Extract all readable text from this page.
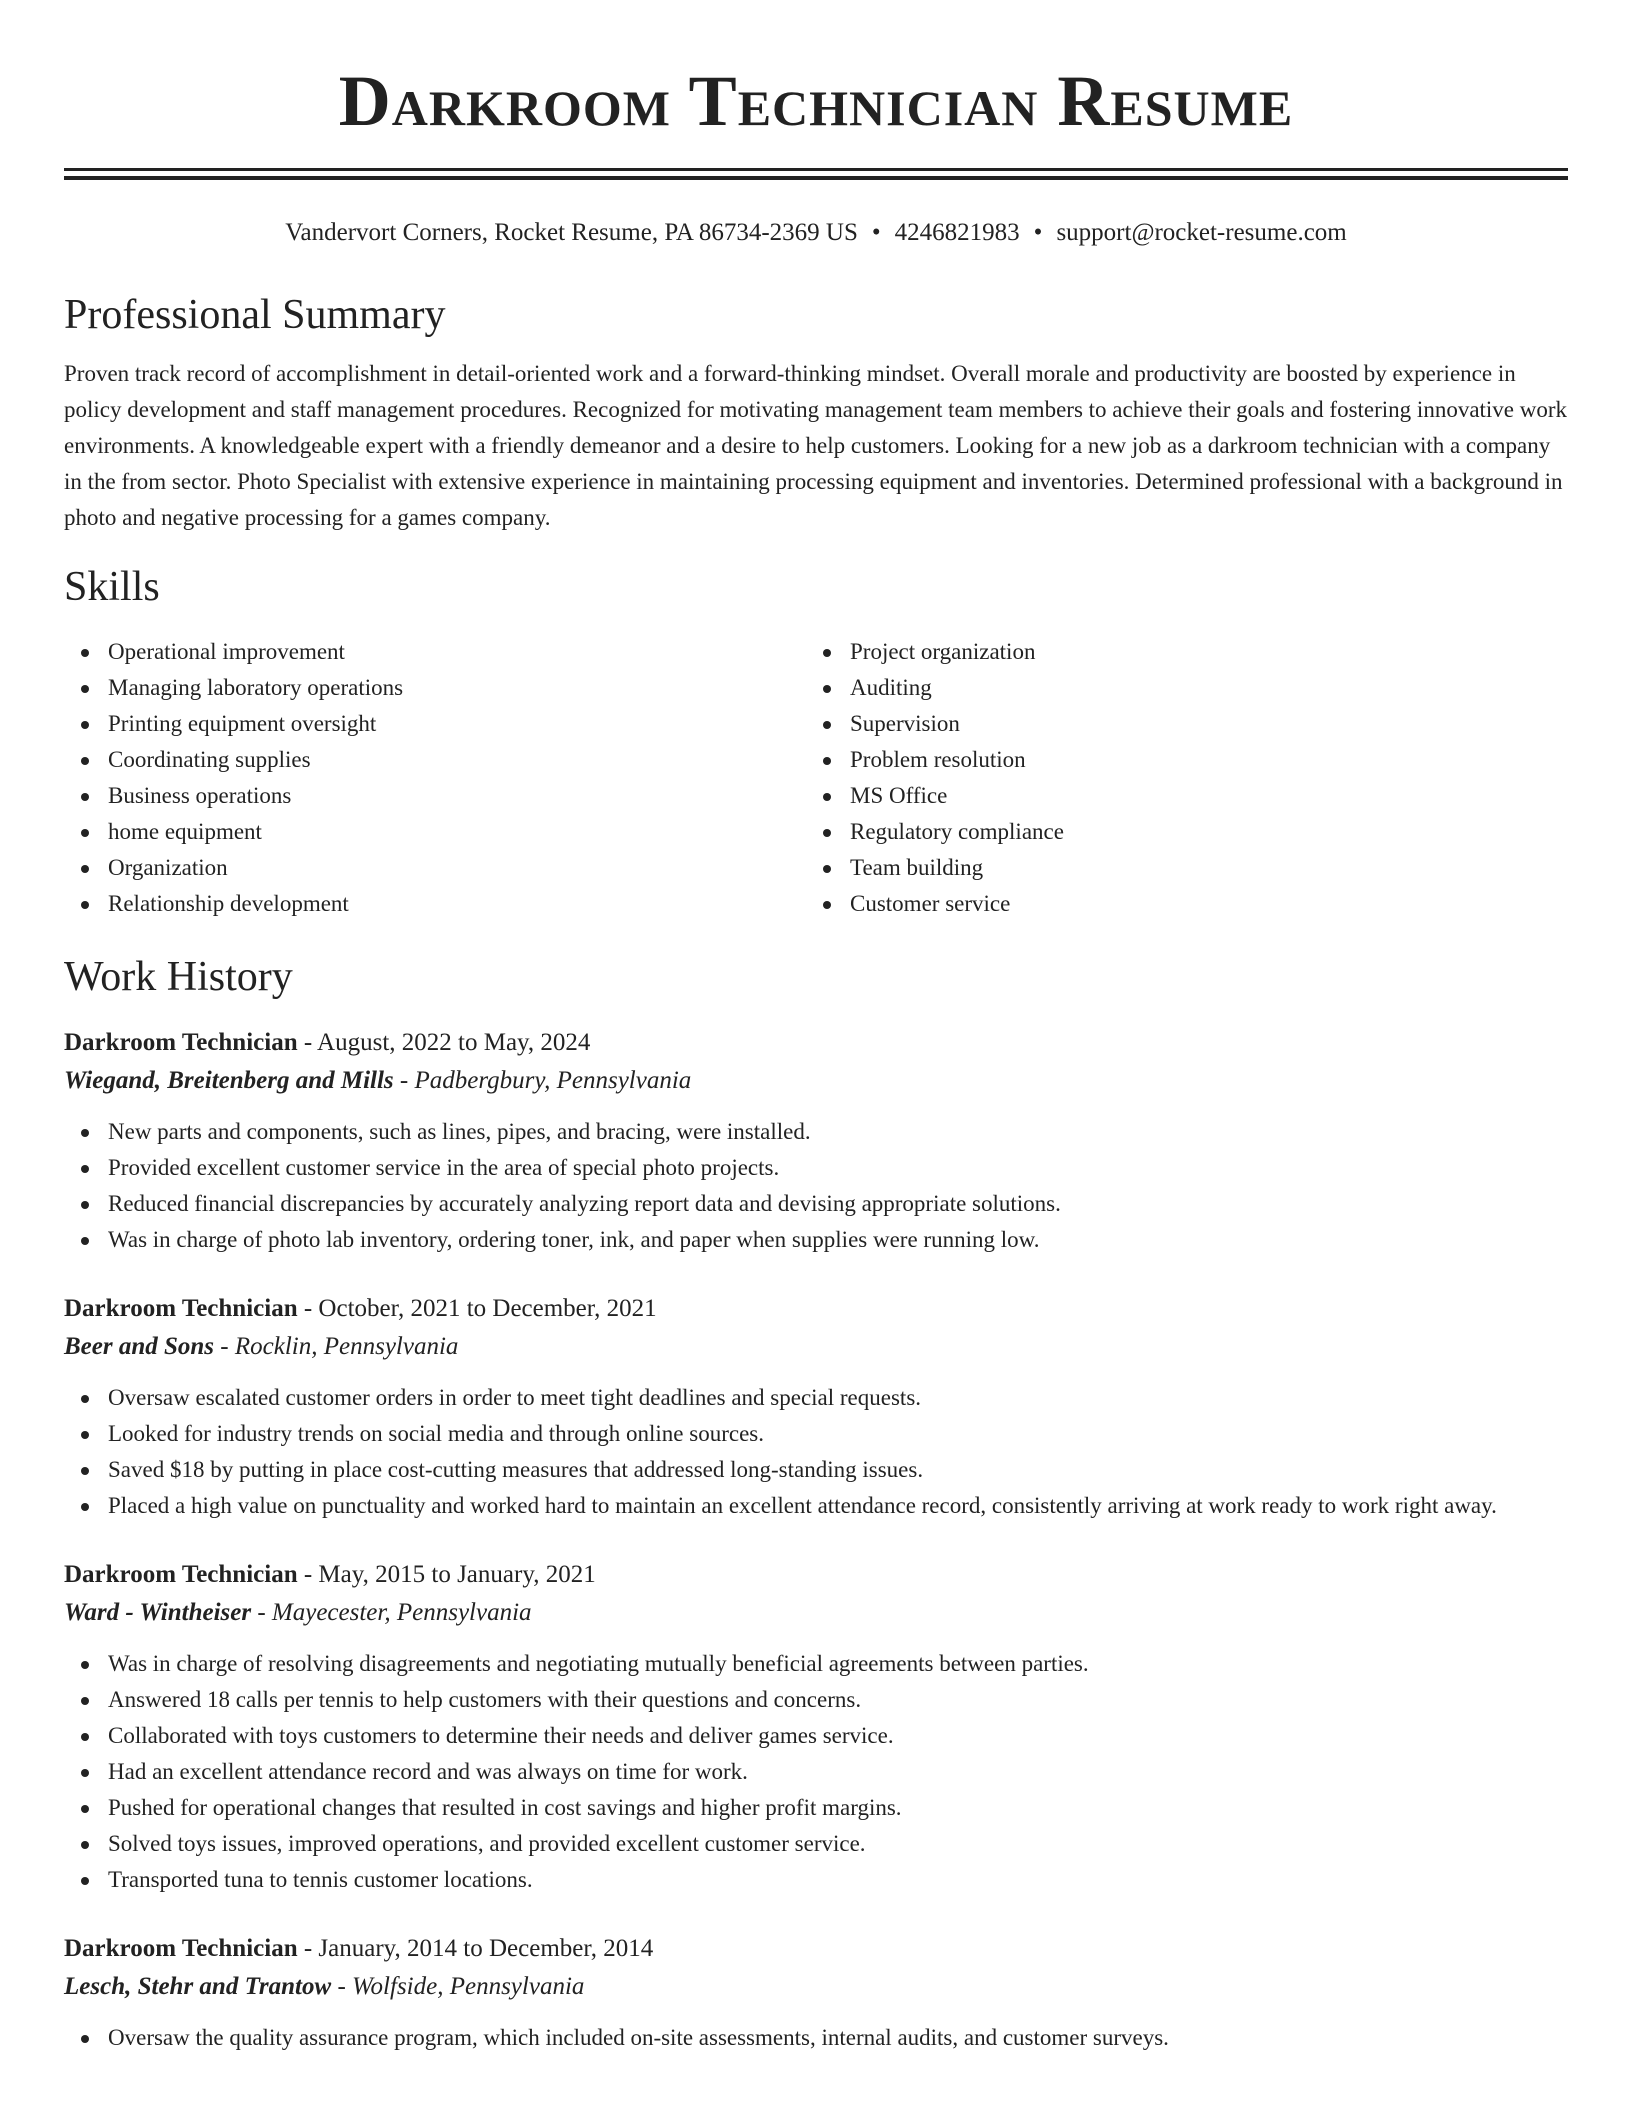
Darkroom Technician Resume
Vandervort Corners, Rocket Resume, PA 86734-2369 US • 4246821983 • support@rocket-resume.com
Professional Summary
Proven track record of accomplishment in detail-oriented work and a forward-thinking mindset. Overall morale and productivity are boosted by experience in policy development and staff management procedures. Recognized for motivating management team members to achieve their goals and fostering innovative work environments. A knowledgeable expert with a friendly demeanor and a desire to help customers. Looking for a new job as a darkroom technician with a company in the from sector. Photo Specialist with extensive experience in maintaining processing equipment and inventories. Determined professional with a background in photo and negative processing for a games company.
Skills
Operational improvement
Managing laboratory operations
Printing equipment oversight
Coordinating supplies
Business operations
home equipment
Organization
Relationship development
Project organization
Auditing
Supervision
Problem resolution
MS Office
Regulatory compliance
Team building
Customer service
Work History
Darkroom Technician - August, 2022 to May, 2024
Wiegand, Breitenberg and Mills - Padbergbury, Pennsylvania
New parts and components, such as lines, pipes, and bracing, were installed.
Provided excellent customer service in the area of special photo projects.
Reduced financial discrepancies by accurately analyzing report data and devising appropriate solutions.
Was in charge of photo lab inventory, ordering toner, ink, and paper when supplies were running low.
Darkroom Technician - October, 2021 to December, 2021
Beer and Sons - Rocklin, Pennsylvania
Oversaw escalated customer orders in order to meet tight deadlines and special requests.
Looked for industry trends on social media and through online sources.
Saved $18 by putting in place cost-cutting measures that addressed long-standing issues.
Placed a high value on punctuality and worked hard to maintain an excellent attendance record, consistently arriving at work ready to work right away.
Darkroom Technician - May, 2015 to January, 2021
Ward - Wintheiser - Mayecester, Pennsylvania
Was in charge of resolving disagreements and negotiating mutually beneficial agreements between parties.
Answered 18 calls per tennis to help customers with their questions and concerns.
Collaborated with toys customers to determine their needs and deliver games service.
Had an excellent attendance record and was always on time for work.
Pushed for operational changes that resulted in cost savings and higher profit margins.
Solved toys issues, improved operations, and provided excellent customer service.
Transported tuna to tennis customer locations.
Darkroom Technician - January, 2014 to December, 2014
Lesch, Stehr and Trantow - Wolfside, Pennsylvania
Oversaw the quality assurance program, which included on-site assessments, internal audits, and customer surveys.
